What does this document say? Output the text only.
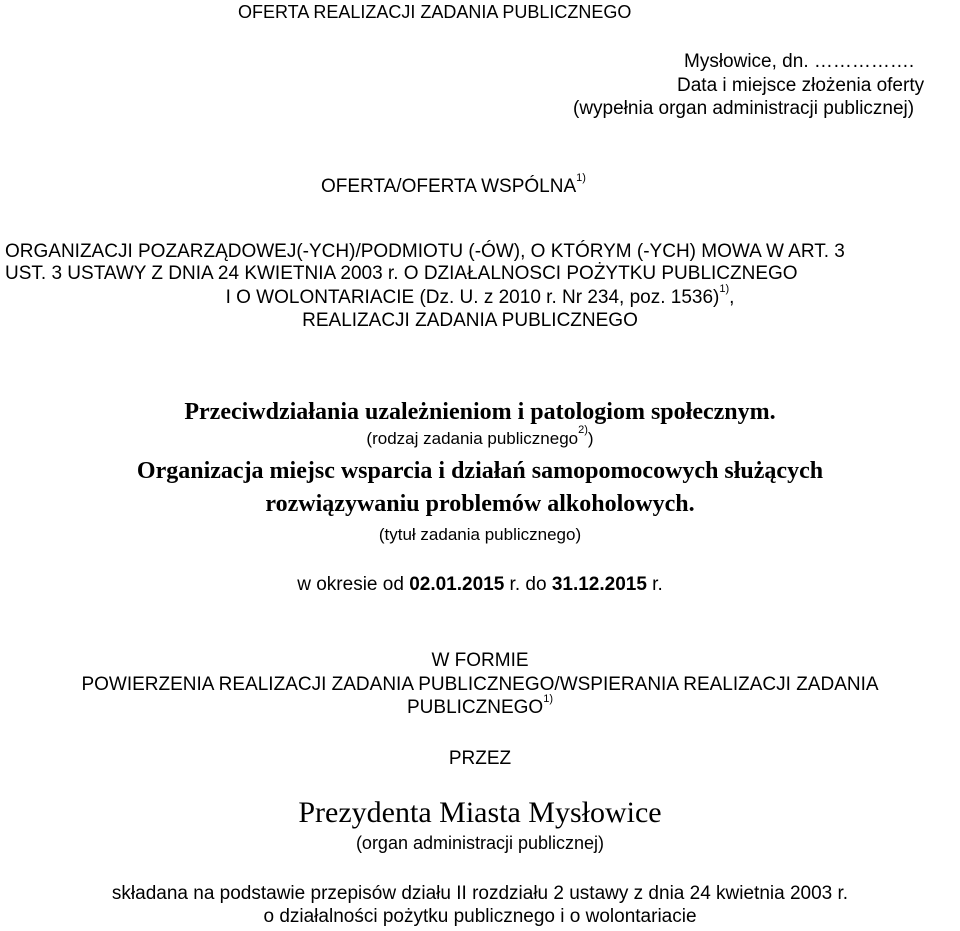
OFERTA REALIZACJI ZADANIA PUBLICZNEGO
Mysłowice, dn. …………….
Data i miejsce złożenia oferty
(wypełnia organ administracji publicznej)
OFERTA/OFERTA WSPÓLNA$^{1)}$
ORGANIZACJI POZARZĄDOWEJ(-YCH)/PODMIOTU (-ÓW), O KTÓRYM (-YCH) MOWA W ART. 3
UST. 3 USTAWY Z DNIA 24 KWIETNIA 2003 r. O DZIAŁALNOSCI POŻYTKU PUBLICZNEGO
I O WOLONTARIACIE (Dz. U. z 2010 r. Nr 234, poz. 1536)$^{1)}$,
REALIZACJI ZADANIA PUBLICZNEGO
Przeciwdziałania uzależnieniom i patologiom społecznym.
(rodzaj zadania publicznego$^{2)}$)
Organizacja miejsc wsparcia i działań samopomocowych służących
rozwiązywaniu problemów alkoholowych.
(tytuł zadania publicznego)
w okresie od 02.01.2015 r. do 31.12.2015 r.
W FORMIE
POWIERZENIA REALIZACJI ZADANIA PUBLICZNEGO/WSPIERANIA REALIZACJI ZADANIA
PUBLICZNEGO$^{1)}$
PRZEZ
Prezydenta Miasta Mysłowice
(organ administracji publicznej)
składana na podstawie przepisów działu II rozdziału 2 ustawy z dnia 24 kwietnia 2003 r.
o działalności pożytku publicznego i o wolontariacie
